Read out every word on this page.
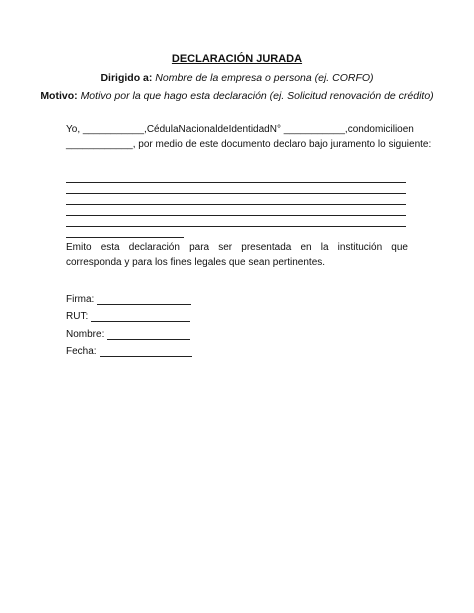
DECLARACIÓN JURADA
Dirigido a: Nombre de la empresa o persona (ej. CORFO)
Motivo: Motivo por la que hago esta declaración (ej. Solicitud renovación de crédito)
Yo, ___________, Cédula Nacional de Identidad N° ___________, con domicilio en
____________, por medio de este documento declaro bajo juramento lo siguiente:
Emito esta declaración para ser presentada en la institución que corresponda y para los fines legales que sean pertinentes.
Firma:
RUT:
Nombre:
Fecha:
